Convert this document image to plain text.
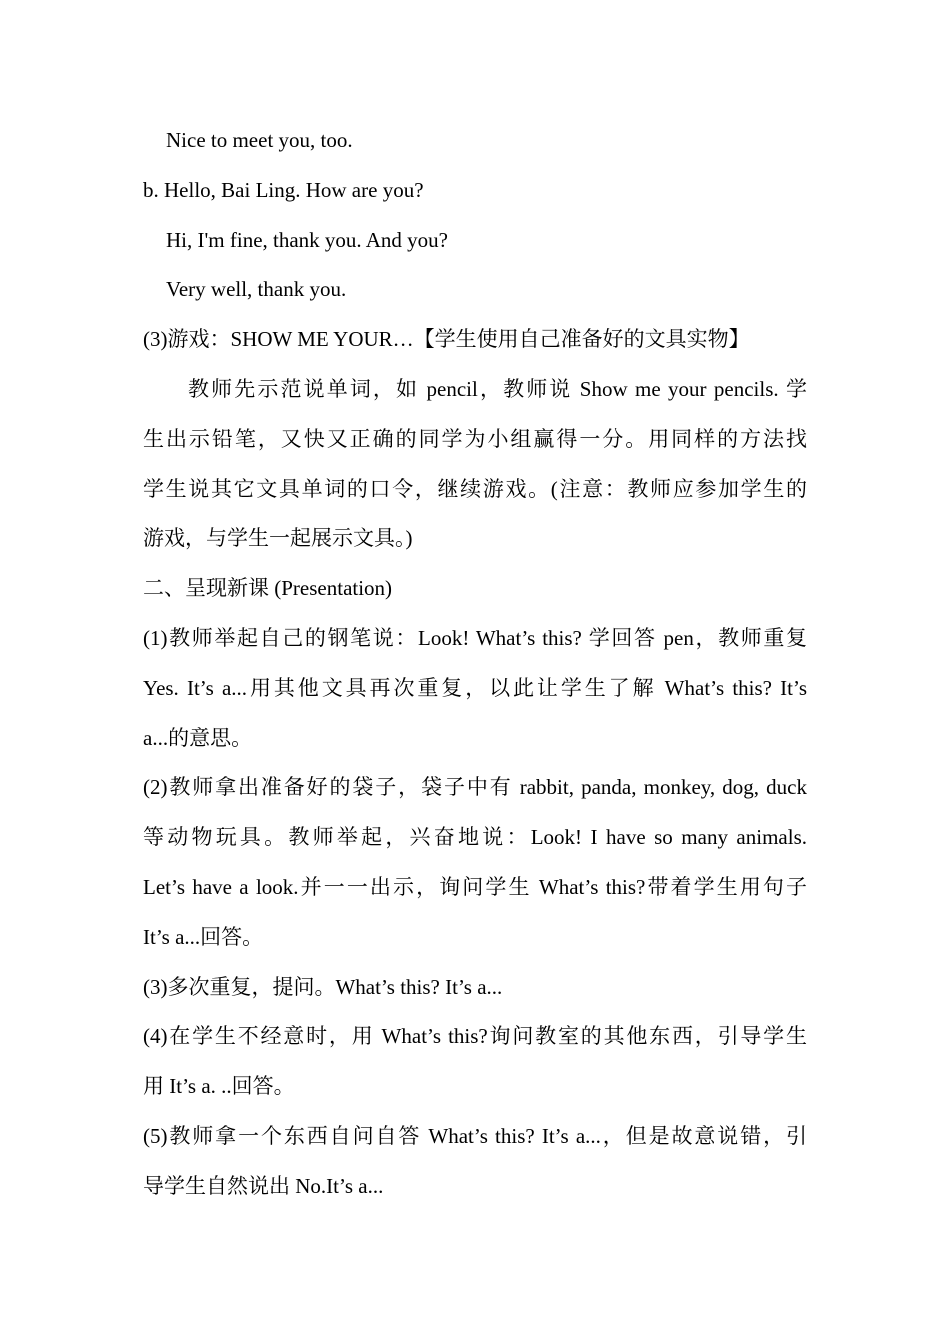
Nice to meet you, too.
b. Hello, Bai Ling. How are you?
Hi, I'm fine, thank you. And you?
Very well, thank you.
(3)游戏：SHOW ME YOUR…【学生使用自己准备好的文具实物】
教师先示范说单词，如 pencil，教师说 Show me your pencils. 学
生出示铅笔，又快又正确的同学为小组赢得一分。用同样的方法找
学生说其它文具单词的口令，继续游戏。(注意：教师应参加学生的
游戏，与学生一起展示文具。)
二、呈现新课 (Presentation)
(1)教师举起自己的钢笔说：Look! What’s this? 学回答 pen，教师重复
Yes. It’s a...用其他文具再次重复，以此让学生了解 What’s this? It’s
a...的意思。
(2)教师拿出准备好的袋子，袋子中有 rabbit, panda, monkey, dog, duck
等动物玩具。教师举起，兴奋地说：Look! I have so many animals.
Let’s have a look.并一一出示，询问学生 What’s this?带着学生用句子
It’s a...回答。
(3)多次重复，提问。What’s this? It’s a...
(4)在学生不经意时，用 What’s this?询问教室的其他东西，引导学生
用 It’s a. ..回答。
(5)教师拿一个东西自问自答 What’s this? It’s a...，但是故意说错，引
导学生自然说出 No.It’s a...
